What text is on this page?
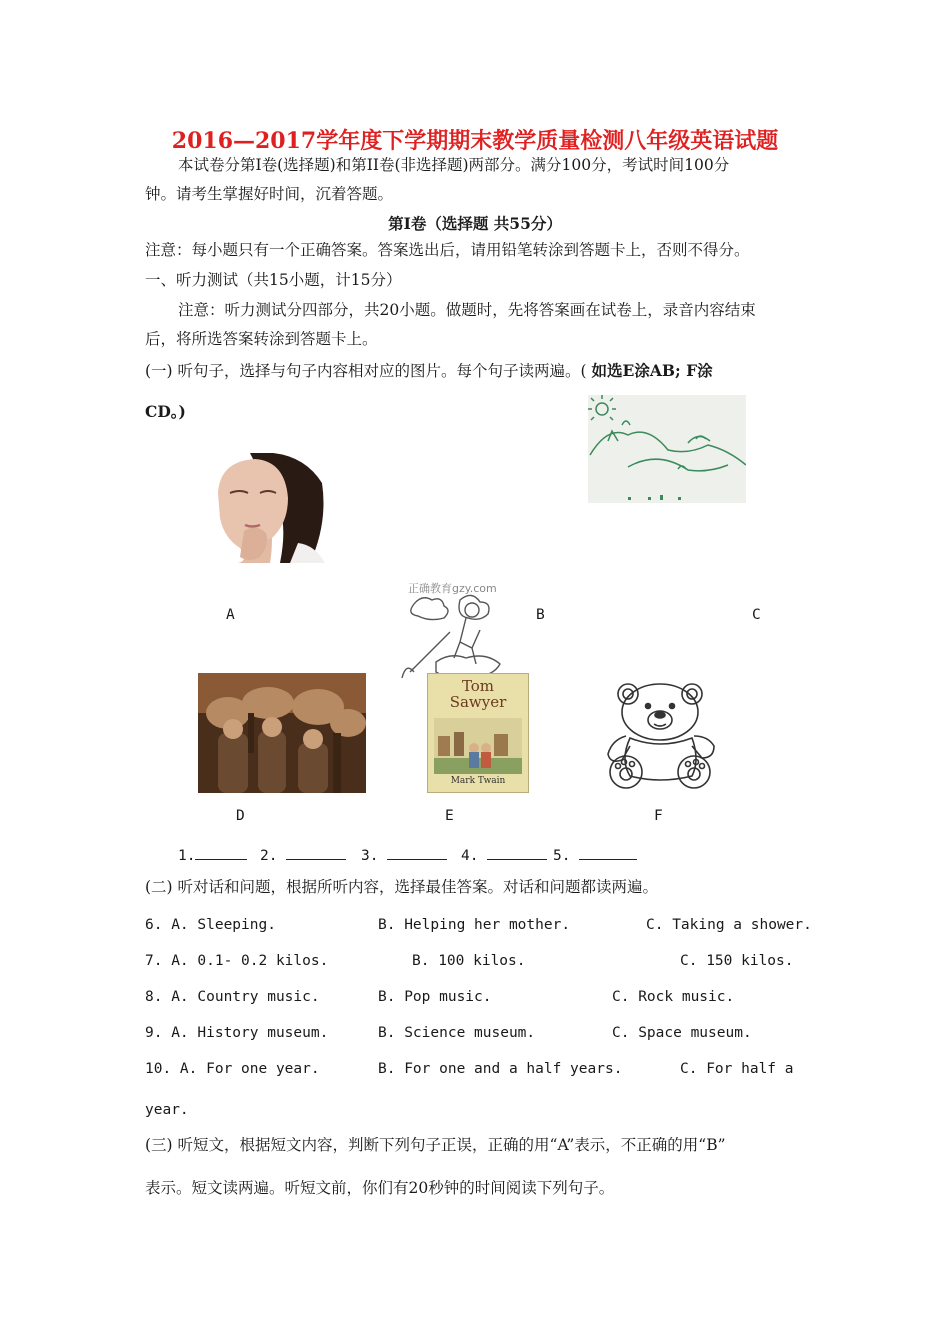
2016—2017学年度下学期期末教学质量检测八年级英语试题
本试卷分第Ⅰ卷(选择题)和第II卷(非选择题)两部分。满分100分，考试时间100分
钟。请考生掌握好时间，沉着答题。
第Ⅰ卷（选择题 共55分）
注意：每小题只有一个正确答案。答案选出后，请用铅笔转涂到答题卡上，否则不得分。
一、听力测试（共15小题，计15分）
注意：听力测试分四部分，共20小题。做题时，先将答案画在试卷上，录音内容结束
后，将所选答案转涂到答题卡上。
(一) 听句子，选择与句子内容相对应的图片。每个句子读两遍。( 如选E涂AB; F涂
CD。)
A
正确教育gzy.com
B	C
D
Tom
Sawyer
Mark Twain
E	F
1.	2.	3.	4.	5.
(二) 听对话和问题，根据所听内容，选择最佳答案。对话和问题都读两遍。
6. A. Sleeping.	B. Helping her mother.	C. Taking a shower.
7. A. 0.1- 0.2 kilos.	B. 100 kilos.	C. 150 kilos.
8. A. Country music.	B. Pop music.	C. Rock music.
9. A. History museum.	B. Science museum.	C. Space museum.
10. A. For one year.	B. For one and a half years.	C. For half a
year.
(三) 听短文，根据短文内容，判断下列句子正误，正确的用“A”表示，不正确的用“B”
表示。短文读两遍。听短文前，你们有20秒钟的时间阅读下列句子。
